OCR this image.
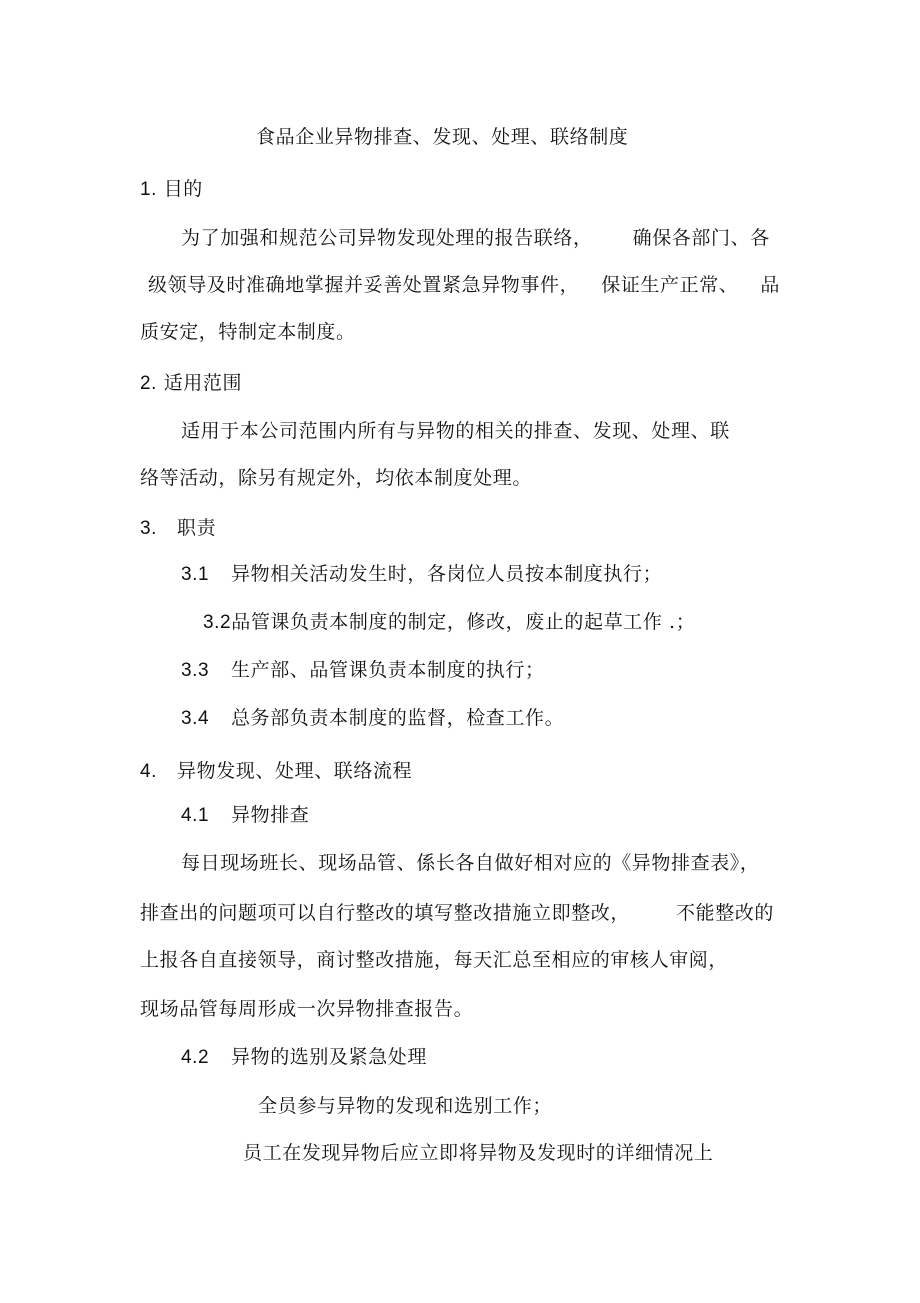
食品企业异物排查、发现、处理、联络制度
1. 目的
为了加强和规范公司异物发现处理的报告联络， 确保各部门、各
级领导及时准确地掌握并妥善处置紧急异物事件， 保证生产正常、 品
质安定，特制定本制度。
2. 适用范围
适用于本公司范围内所有与异物的相关的排查、发现、处理、联
络等活动，除另有规定外，均依本制度处理。
3. 职责
3.1 异物相关活动发生时，各岗位人员按本制度执行；
3.2品管课负责本制度的制定，修改，废止的起草工作 .；
3.3 生产部、品管课负责本制度的执行；
3.4 总务部负责本制度的监督，检查工作。
4. 异物发现、处理、联络流程
4.1 异物排查
每日现场班长、现场品管、係长各自做好相对应的《异物排查表》，
排查出的问题项可以自行整改的填写整改措施立即整改， 不能整改的
上报各自直接领导，商讨整改措施，每天汇总至相应的审核人审阅，
现场品管每周形成一次异物排查报告。
4.2 异物的选别及紧急处理
全员参与异物的发现和选别工作；
员工在发现异物后应立即将异物及发现时的详细情况上
